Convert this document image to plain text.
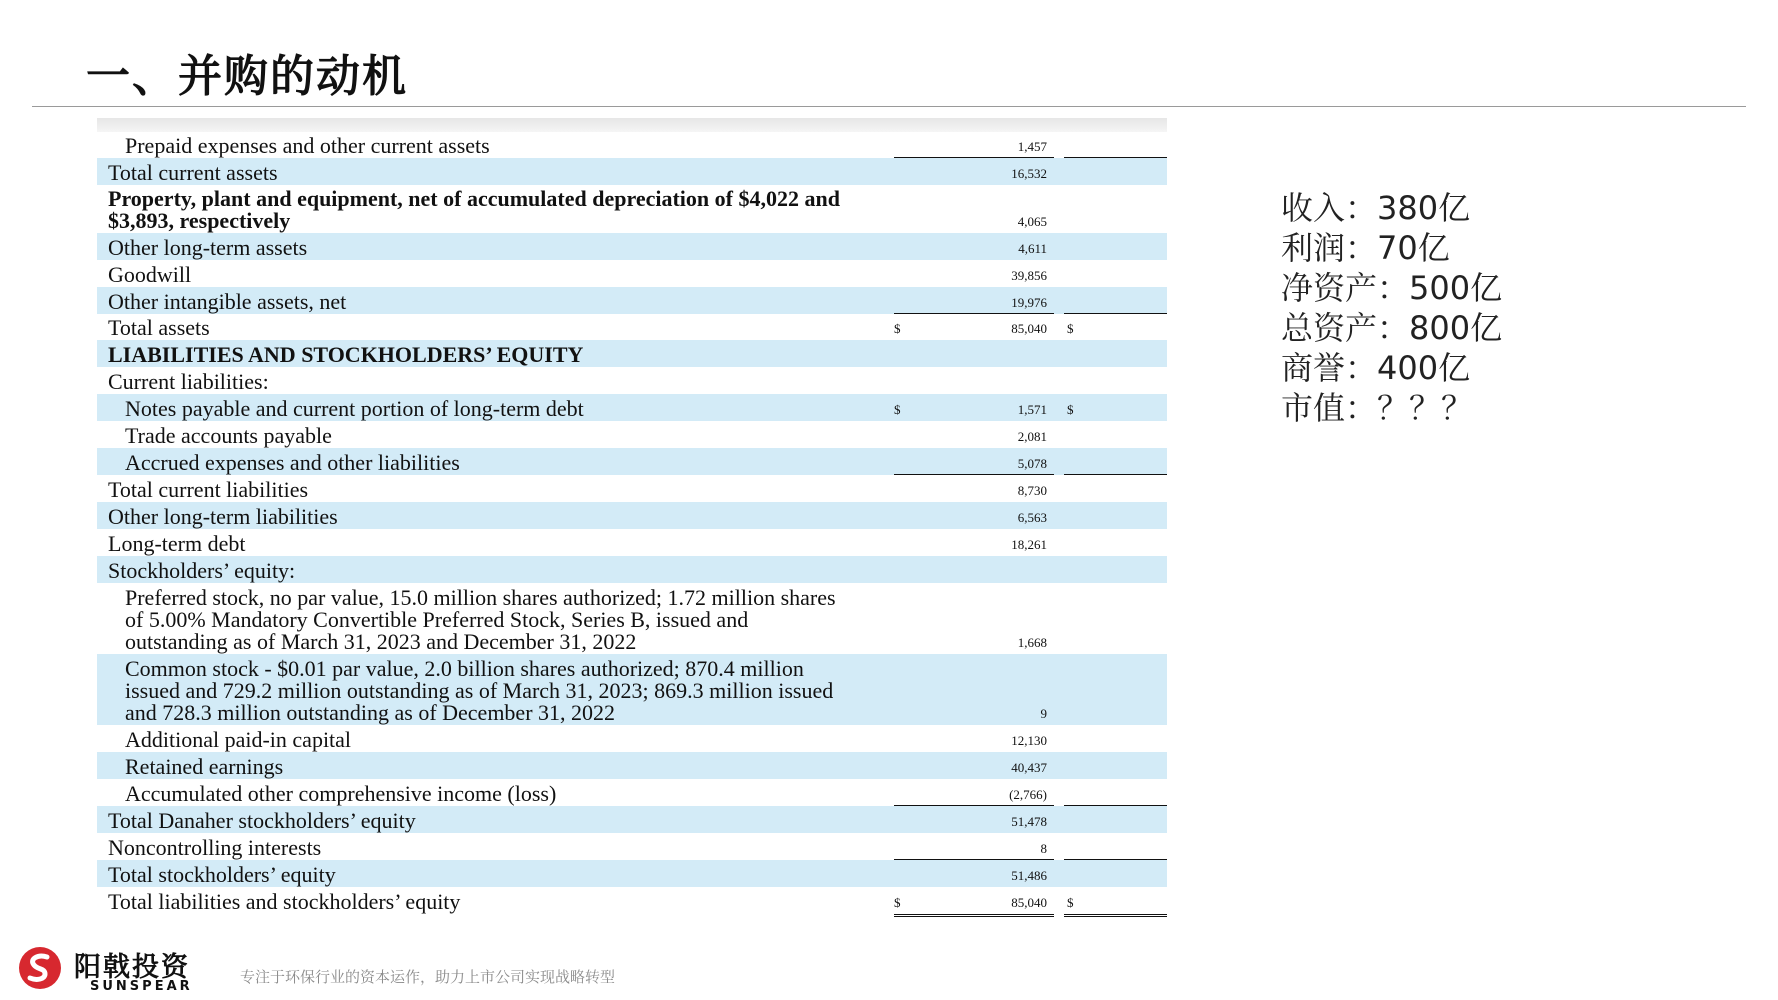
一、并购的动机
Prepaid expenses and other current assets	1,457
Total current assets	16,532
Property, plant and equipment, net of accumulated depreciation of $4,022 and
$3,893, respectively	4,065
Other long-term assets	4,611
Goodwill	39,856
Other intangible assets, net	19,976
Total assets	$	85,040 $
LIABILITIES AND STOCKHOLDERS’ EQUITY
Current liabilities:
Notes payable and current portion of long-term debt	$	1,571 $
Trade accounts payable	2,081
Accrued expenses and other liabilities	5,078
Total current liabilities	8,730
Other long-term liabilities	6,563
Long-term debt	18,261
Stockholders’ equity:
Preferred stock, no par value, 15.0 million shares authorized; 1.72 million shares
of 5.00% Mandatory Convertible Preferred Stock, Series B, issued and
outstanding as of March 31, 2023 and December 31, 2022	1,668
Common stock - $0.01 par value, 2.0 billion shares authorized; 870.4 million
issued and 729.2 million outstanding as of March 31, 2023; 869.3 million issued
and 728.3 million outstanding as of December 31, 2022	9
Additional paid-in capital	12,130
Retained earnings	40,437
Accumulated other comprehensive income (loss)	(2,766)
Total Danaher stockholders’ equity	51,478
Noncontrolling interests	8
Total stockholders’ equity	51,486
Total liabilities and stockholders’ equity	$	85,040 $
收入：380亿
利润：70亿
净资产：500亿
总资产：800亿
商誉：400亿
市值：？？？

阳戟投资

SUNSPEAR

专注于环保行业的资本运作，助力上市公司实现战略转型
